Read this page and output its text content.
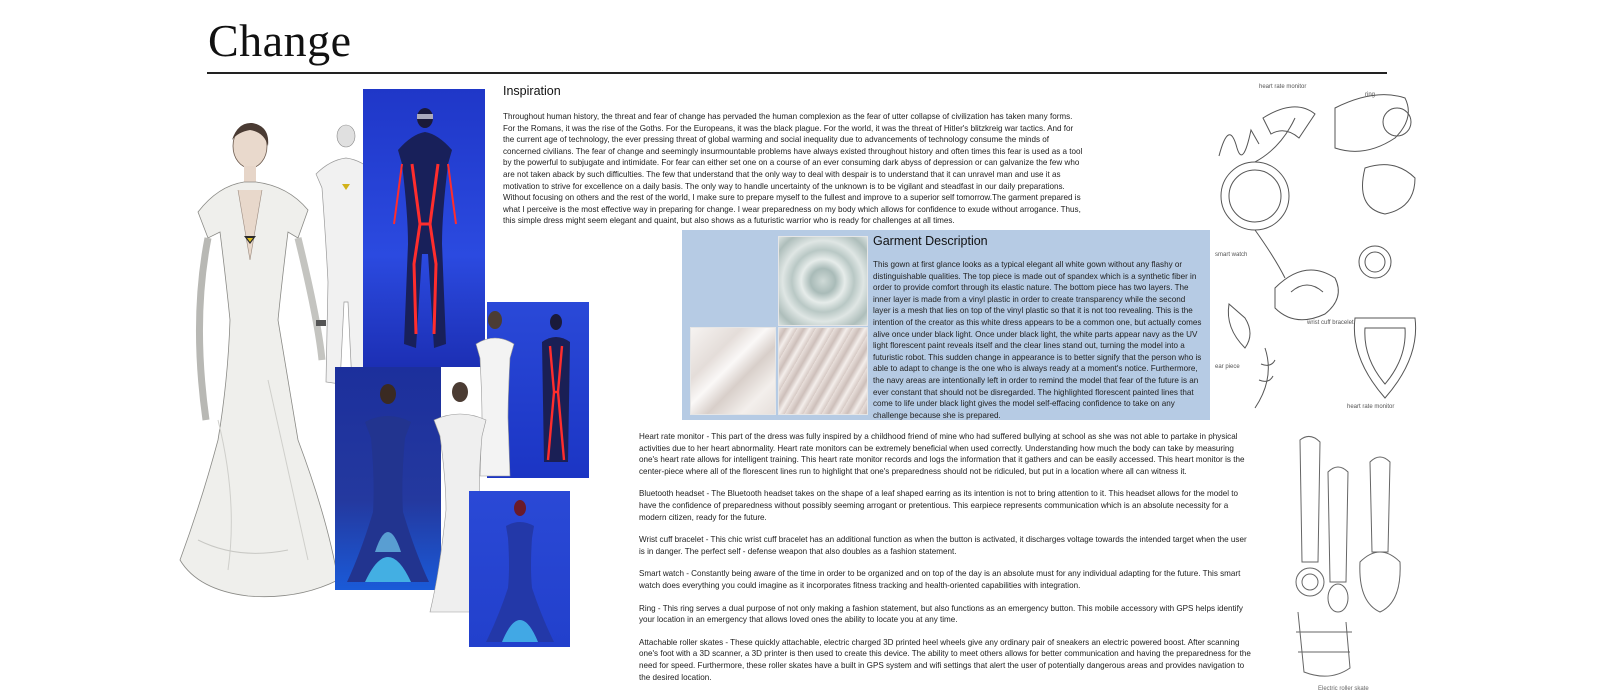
Change
Inspiration
Throughout human history, the threat and fear of change has pervaded the human complexion as the fear of utter collapse of civilization has taken many forms. For the Romans, it was the rise of the Goths. For the Europeans, it was the black plague. For the world, it was the threat of Hitler's blitzkreig war tactics. And for the current age of technology, the ever pressing threat of global warming and social inequality due to advancements of technology consume the minds of concerned civilians. The fear of change and seemingly insurmountable problems have always existed throughout history and often times this fear is used as a tool by the powerful to subjugate and intimidate. For fear can either set one on a course of an ever consuming dark abyss of depression or can galvanize the few who are not taken aback by such difficulties. The few that understand that the only way to deal with despair is to understand that it can unravel man and use it as motivation to strive for excellence on a daily basis. The only way to handle uncertainty of the unknown is to be vigilant and steadfast in our daily preparations. Without focusing on others and the rest of the world, I make sure to prepare myself to the fullest and improve to a superior self tomorrow.The garment prepared is what I perceive is the most effective way in preparing for change. I wear preparedness on my body which allows for confidence to exude without arrogance. Thus, this simple dress might seem elegant and quaint, but also shows as a futuristic warrior who is ready for challenges at all times.
Garment Description
This gown at first glance looks as a typical elegant all white gown without any flashy or distinguishable qualities. The top piece is made out of spandex which is a synthetic fiber in order to provide comfort through its elastic nature. The bottom piece has two layers. The inner layer is made from a vinyl plastic in order to create transparency while the second layer is a mesh that lies on top of the vinyl plastic so that it is not too revealing. This is the intention of the creator as this white dress appears to be a common one, but actually comes alive once under black light. Once under black light, the white parts appear navy as the UV light florescent paint reveals itself and the clear lines stand out, turning the model into a futuristic robot. This sudden change in appearance is to better signify that the person who is able to adapt to change is the one who is always ready at a moment's notice. Furthermore, the navy areas are intentionally left in order to remind the model that fear of the future is an ever constant that should not be disregarded. The highlighted florescent painted lines that come to life under black light gives the model self-effacing confidence to take on any challenge because she is prepared.

Heart rate monitor - This part of the dress was fully inspired by a childhood friend of mine who had suffered bullying at school as she was not able to partake in physical activities due to her heart abnormality. Heart rate monitors can be extremely beneficial when used correctly. Understanding how much the body can take by measuring one's heart rate allows for intelligent training. This heart rate monitor records and logs the information that it gathers and can be easily accessed. This heart monitor is the center-piece where all of the florescent lines run to highlight that one's preparedness should not be ridiculed, but put in a location where all can witness it.

Bluetooth headset - The Bluetooth headset takes on the shape of a leaf shaped earring as its intention is not to bring attention to it. This headset allows for the model to have the confidence of preparedness without possibly seeming arrogant or pretentious. This earpiece represents communication which is an absolute necessity for a modern citizen, ready for the future.

Wrist cuff bracelet - This chic wrist cuff bracelet has an additional function as when the button is activated, it discharges voltage towards the intended target when the user is in danger. The perfect self - defense weapon that also doubles as a fashion statement.

Smart watch - Constantly being aware of the time in order to be organized and on top of the day is an absolute must for any individual adapting for the future. This smart watch does everything you could imagine as it incorporates fitness tracking and health-oriented capabilities with integration.

Ring - This ring serves a dual purpose of not only making a fashion statement, but also functions as an emergency button. This mobile accessory with GPS helps identify your location in an emergency that allows loved ones the ability to locate you at any time.

Attachable roller skates - These quickly attachable, electric charged 3D printed heel wheels give any ordinary pair of sneakers an electric powered boost. After scanning one's foot with a 3D scanner, a 3D printer is then used to create this device. The ability to meet others allows for better communication and having the preparedness for the need for speed. Furthermore, these roller skates have a built in GPS system and wifi settings that alert the user of potentially dangerous areas and provides navigation to the desired location.

heart rate monitor
ring
smart watch
wrist cuff bracelet
ear piece
heart rate monitor
Electric roller skate
